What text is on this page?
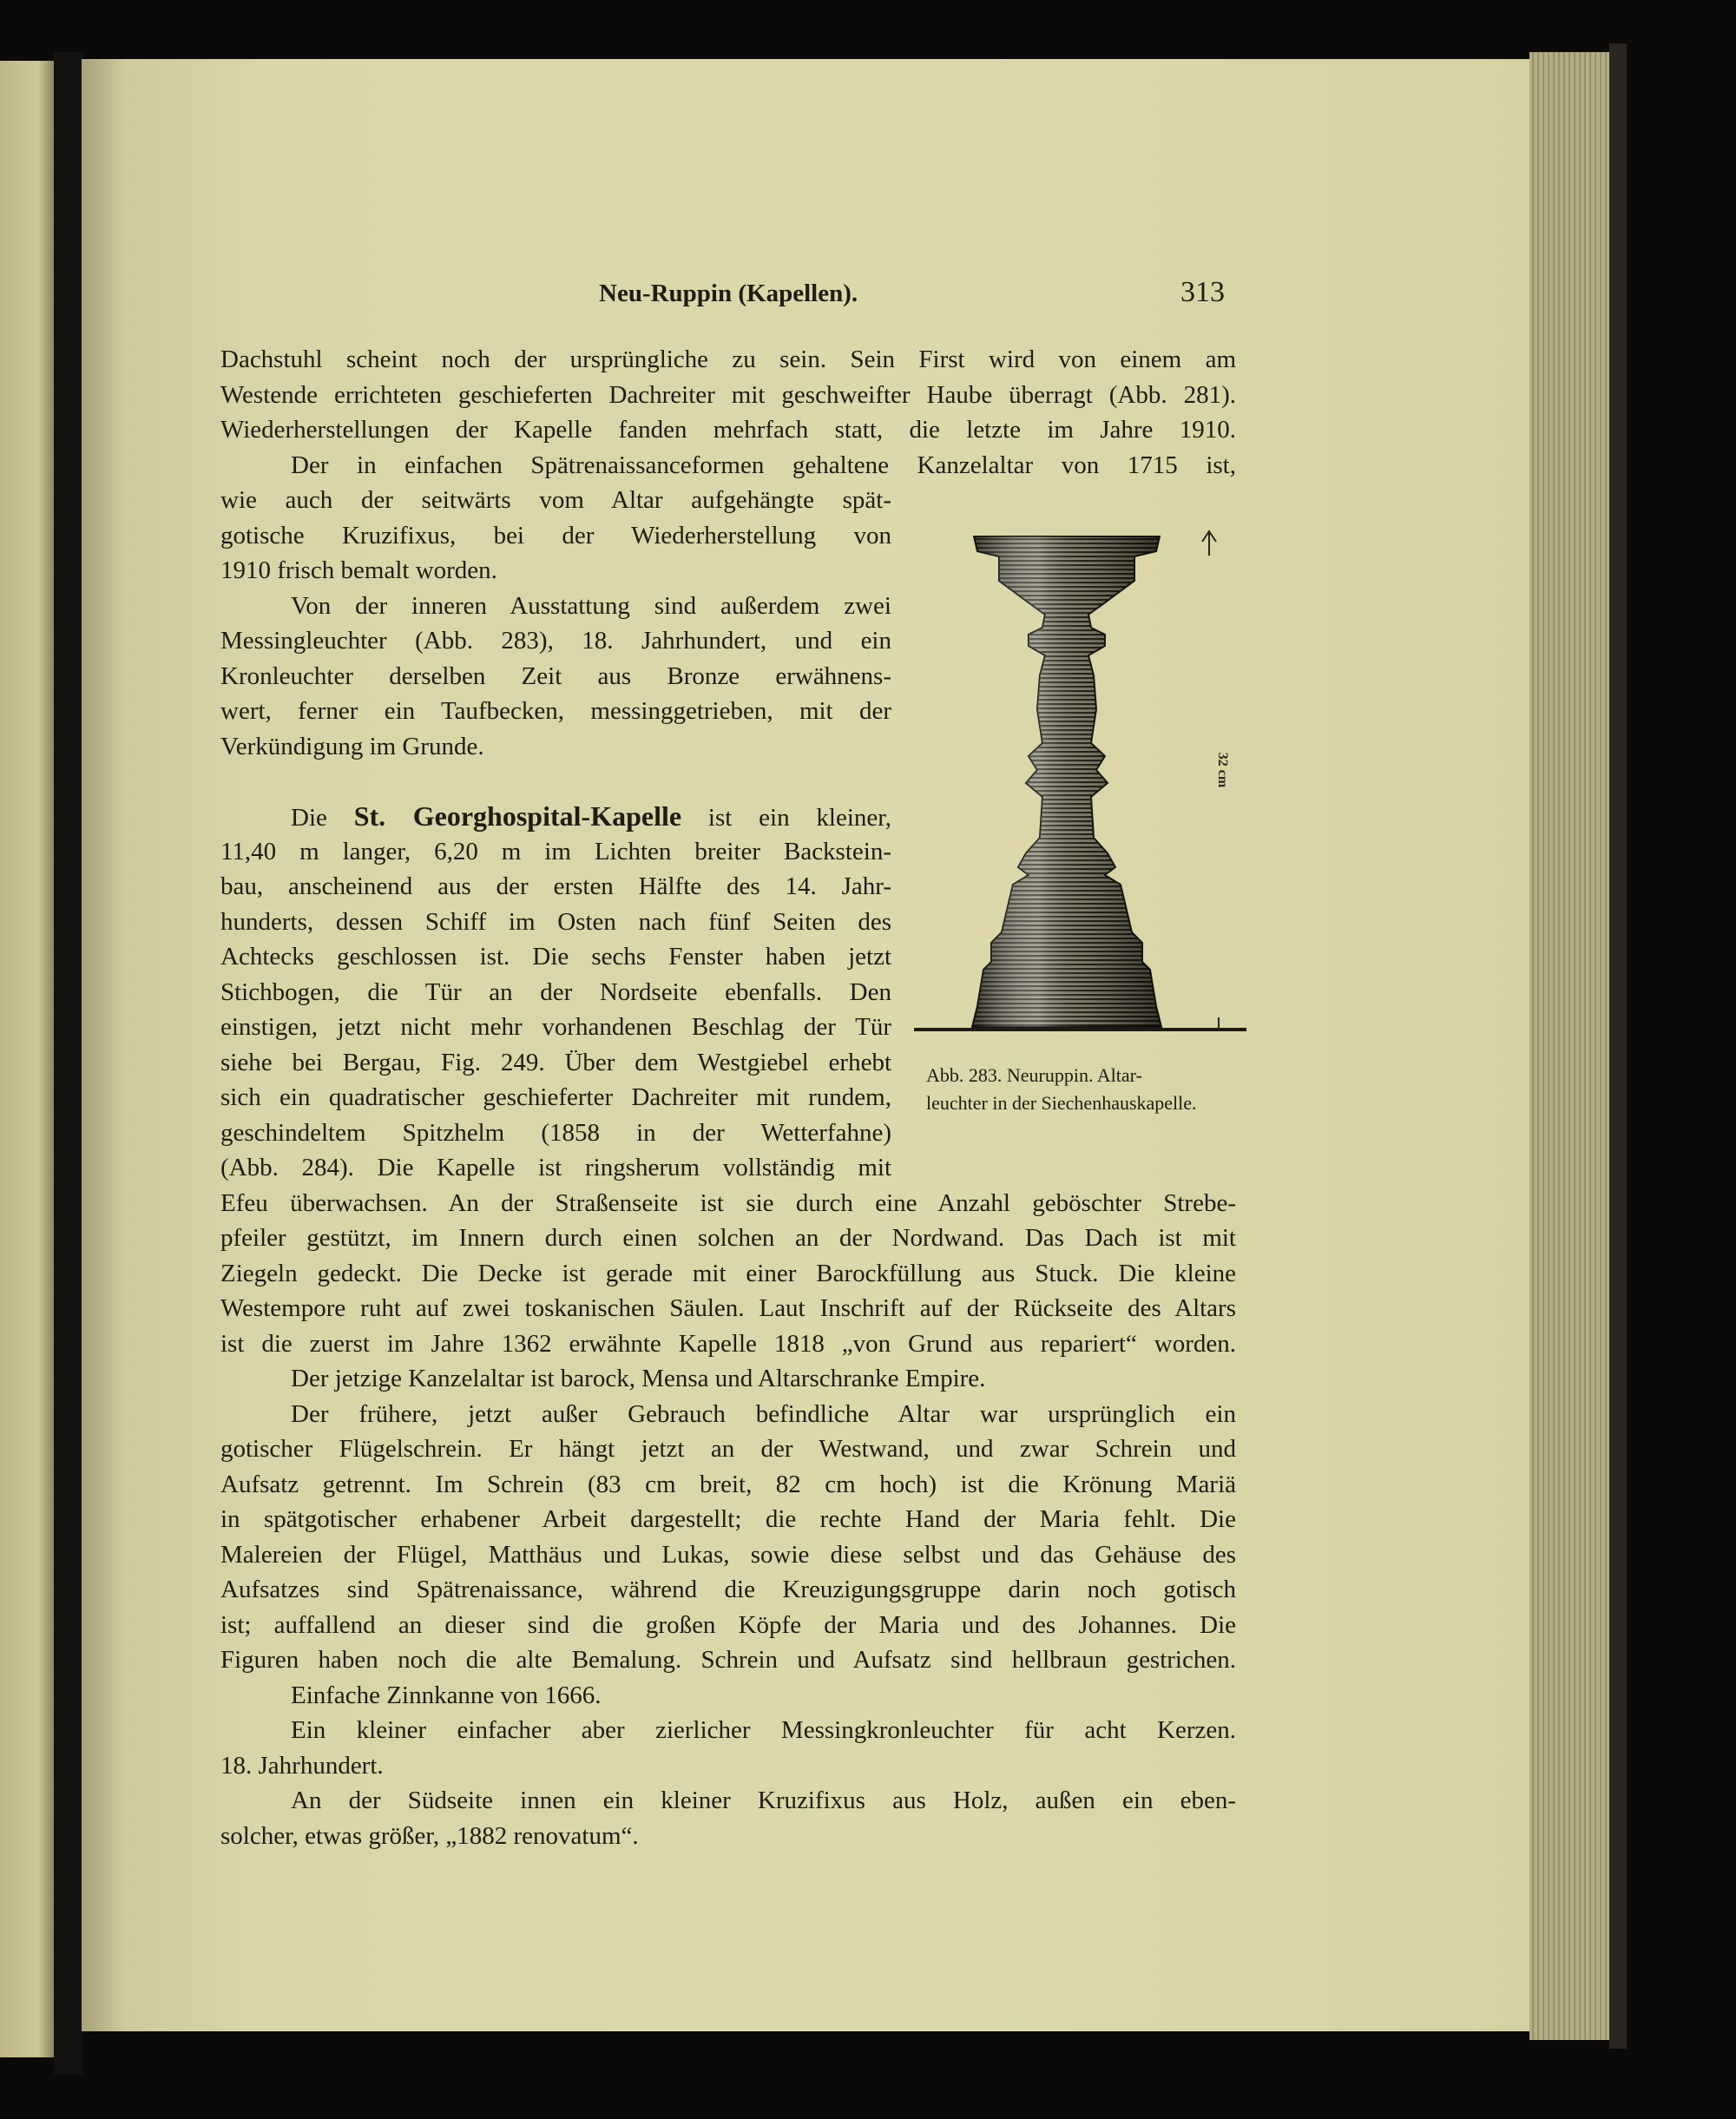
Neu-Ruppin (Kapellen).	313
Dachstuhl scheint noch der ursprüngliche zu sein. Sein First wird von einem am
Westende errichteten geschieferten Dachreiter mit geschweifter Haube überragt (Abb. 281).
Wiederherstellungen der Kapelle fanden mehrfach statt, die letzte im Jahre 1910.
Der in einfachen Spätrenaissanceformen gehaltene Kanzelaltar von 1715 ist,
wie auch der seitwärts vom Altar aufgehängte spät-
gotische Kruzifixus, bei der Wiederherstellung von
1910 frisch bemalt worden.
Von der inneren Ausstattung sind außerdem zwei
Messingleuchter (Abb. 283), 18. Jahrhundert, und ein
Kronleuchter derselben Zeit aus Bronze erwähnens-
wert, ferner ein Taufbecken, messinggetrieben, mit der
Verkündigung im Grunde.
Die St. Georghospital-Kapelle ist ein kleiner,
11,40 m langer, 6,20 m im Lichten breiter Backstein-
bau, anscheinend aus der ersten Hälfte des 14. Jahr-
hunderts, dessen Schiff im Osten nach fünf Seiten des
Achtecks geschlossen ist. Die sechs Fenster haben jetzt
Stichbogen, die Tür an der Nordseite ebenfalls. Den
einstigen, jetzt nicht mehr vorhandenen Beschlag der Tür
siehe bei Bergau, Fig. 249. Über dem Westgiebel erhebt
sich ein quadratischer geschieferter Dachreiter mit rundem,
geschindeltem Spitzhelm (1858 in der Wetterfahne)
(Abb. 284). Die Kapelle ist ringsherum vollständig mit
Efeu überwachsen. An der Straßenseite ist sie durch eine Anzahl geböschter Strebe-
pfeiler gestützt, im Innern durch einen solchen an der Nordwand. Das Dach ist mit
Ziegeln gedeckt. Die Decke ist gerade mit einer Barockfüllung aus Stuck. Die kleine
Westempore ruht auf zwei toskanischen Säulen. Laut Inschrift auf der Rückseite des Altars
ist die zuerst im Jahre 1362 erwähnte Kapelle 1818 „von Grund aus repariert“ worden.
Der jetzige Kanzelaltar ist barock, Mensa und Altarschranke Empire.
Der frühere, jetzt außer Gebrauch befindliche Altar war ursprünglich ein
gotischer Flügelschrein. Er hängt jetzt an der Westwand, und zwar Schrein und
Aufsatz getrennt. Im Schrein (83 cm breit, 82 cm hoch) ist die Krönung Mariä
in spätgotischer erhabener Arbeit dargestellt; die rechte Hand der Maria fehlt. Die
Malereien der Flügel, Matthäus und Lukas, sowie diese selbst und das Gehäuse des
Aufsatzes sind Spätrenaissance, während die Kreuzigungsgruppe darin noch gotisch
ist; auffallend an dieser sind die großen Köpfe der Maria und des Johannes. Die
Figuren haben noch die alte Bemalung. Schrein und Aufsatz sind hellbraun gestrichen.
Einfache Zinnkanne von 1666.
Ein kleiner einfacher aber zierlicher Messingkronleuchter für acht Kerzen.
18. Jahrhundert.
An der Südseite innen ein kleiner Kruzifixus aus Holz, außen ein eben-
solcher, etwas größer, „1882 renovatum“.
32 cm
Abb. 283. Neuruppin. Altar-
leuchter in der Siechenhauskapelle.
